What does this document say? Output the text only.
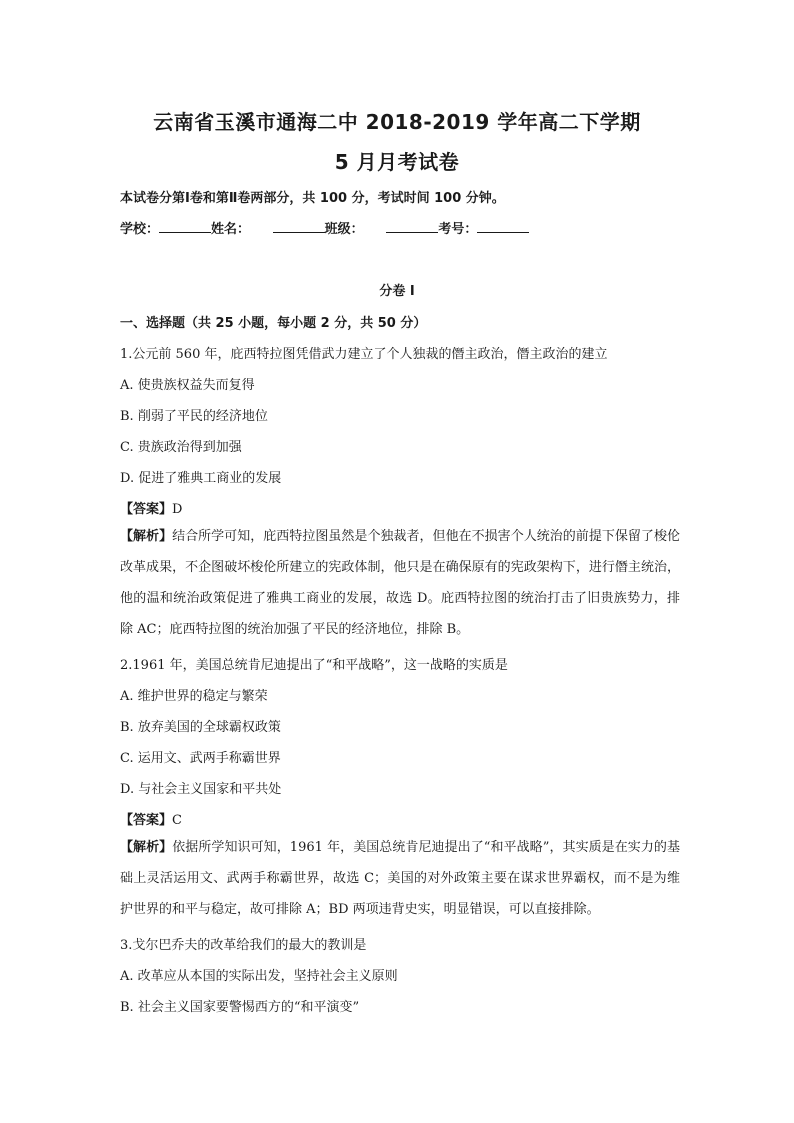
云南省玉溪市通海二中 2018-2019 学年高二下学期
5 月月考试卷
本试卷分第Ⅰ卷和第Ⅱ卷两部分，共 100 分，考试时间 100 分钟。
学校：	姓名：	班级：	考号：
分卷 I
一、选择题（共 25 小题，每小题 2 分，共 50 分）
1.公元前 560 年，庇西特拉图凭借武力建立了个人独裁的僭主政治，僭主政治的建立
A. 使贵族权益失而复得
B. 削弱了平民的经济地位
C. 贵族政治得到加强
D. 促进了雅典工商业的发展
【答案】D
【解析】结合所学可知，庇西特拉图虽然是个独裁者，但他在不损害个人统治的前提下保留了梭伦改革成果，不企图破坏梭伦所建立的宪政体制，他只是在确保原有的宪政架构下，进行僭主统治，他的温和统治政策促进了雅典工商业的发展，故选 D。庇西特拉图的统治打击了旧贵族势力，排除 AC；庇西特拉图的统治加强了平民的经济地位，排除 B。
2.1961 年，美国总统肯尼迪提出了“和平战略”，这一战略的实质是
A. 维护世界的稳定与繁荣
B. 放弃美国的全球霸权政策
C. 运用文、武两手称霸世界
D. 与社会主义国家和平共处
【答案】C
【解析】依据所学知识可知，1961 年，美国总统肯尼迪提出了“和平战略”，其实质是在实力的基础上灵活运用文、武两手称霸世界，故选 C；美国的对外政策主要在谋求世界霸权，而不是为维护世界的和平与稳定，故可排除 A；BD 两项违背史实，明显错误，可以直接排除。
3.戈尔巴乔夫的改革给我们的最大的教训是
A. 改革应从本国的实际出发，坚持社会主义原则
B. 社会主义国家要警惕西方的“和平演变”
